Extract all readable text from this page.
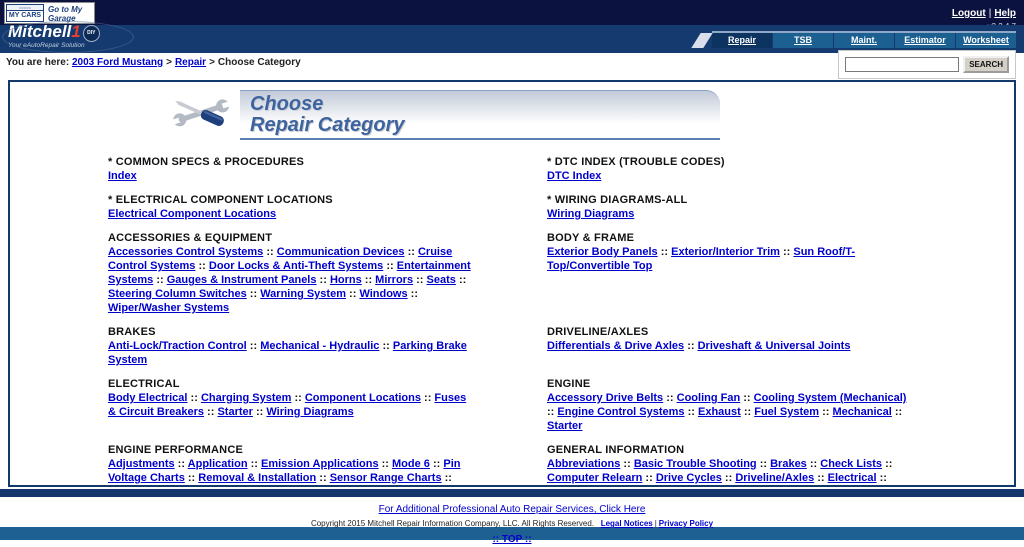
=====
MY CARS
Go to My Garage	Logout | Help
Mitchell1 DIY
Your eAutoRepair Solution
Repair	TSB	Maint.	Estimator	Worksheet
You are here: 2003 Ford Mustang > Repair > Choose Category	SEARCH
Choose
Repair Category
* COMMON SPECS & PROCEDURES
Index
* DTC INDEX (TROUBLE CODES)
DTC Index
* ELECTRICAL COMPONENT LOCATIONS
Electrical Component Locations
* WIRING DIAGRAMS-ALL
Wiring Diagrams
ACCESSORIES & EQUIPMENT
Accessories Control Systems :: Communication Devices :: Cruise Control Systems :: Door Locks & Anti-Theft Systems :: Entertainment Systems :: Gauges & Instrument Panels :: Horns :: Mirrors :: Seats :: Steering Column Switches :: Warning System :: Windows :: Wiper/Washer Systems
BODY & FRAME
Exterior Body Panels :: Exterior/Interior Trim :: Sun Roof/T-Top/Convertible Top
BRAKES
Anti-Lock/Traction Control :: Mechanical - Hydraulic :: Parking Brake System
DRIVELINE/AXLES
Differentials & Drive Axles :: Driveshaft & Universal Joints
ELECTRICAL
Body Electrical :: Charging System :: Component Locations :: Fuses & Circuit Breakers :: Starter :: Wiring Diagrams
ENGINE
Accessory Drive Belts :: Cooling Fan :: Cooling System (Mechanical) :: Engine Control Systems :: Exhaust :: Fuel System :: Mechanical :: Starter
ENGINE PERFORMANCE
Adjustments :: Application :: Emission Applications :: Mode 6 :: Pin Voltage Charts :: Removal & Installation :: Sensor Range Charts ::
GENERAL INFORMATION
Abbreviations :: Basic Trouble Shooting :: Brakes :: Check Lists :: Computer Relearn :: Drive Cycles :: Driveline/Axles :: Electrical ::
For Additional Professional Auto Repair Services, Click Here
Copyright 2015 Mitchell Repair Information Company, LLC. All Rights Reserved. Legal Notices | Privacy Policy
:: TOP ::
